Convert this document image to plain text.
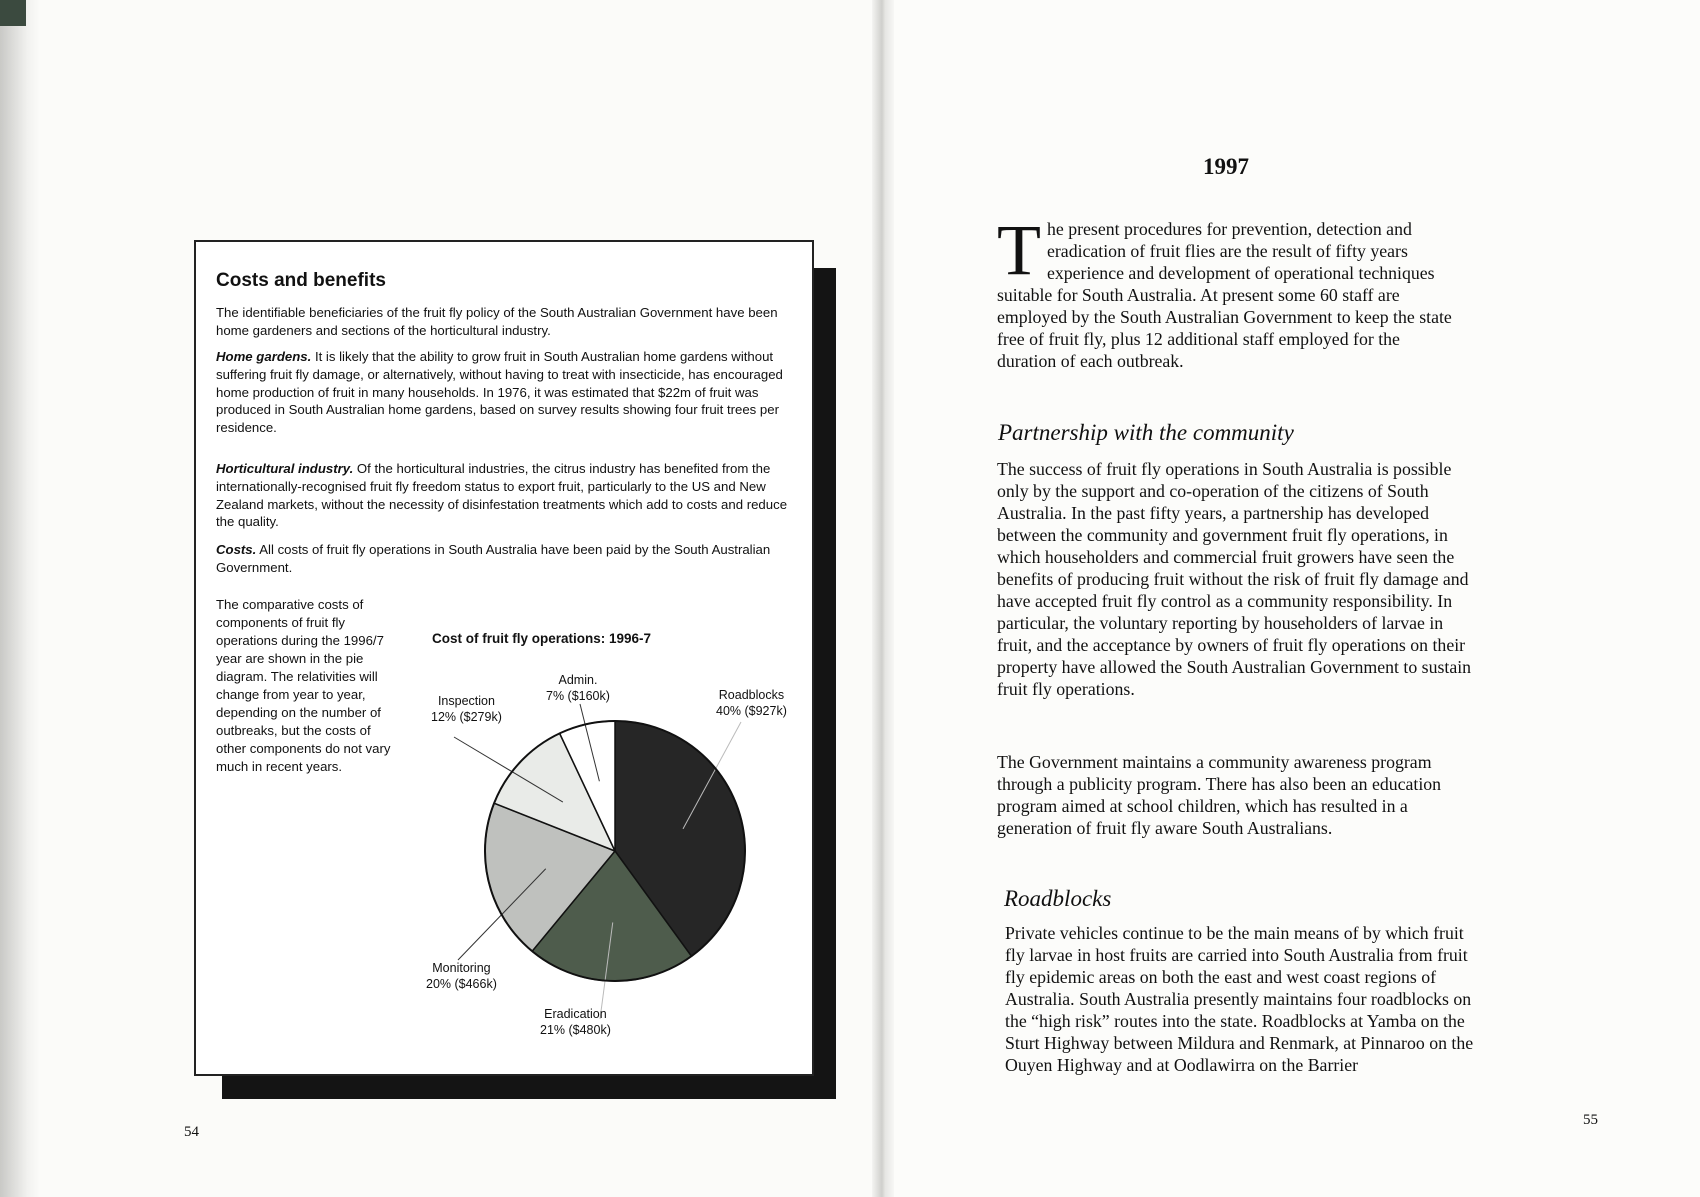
Costs and benefits

The identifiable beneficiaries of the fruit fly policy of the South Australian Government have been home gardeners and sections of the horticultural industry.

Home gardens. It is likely that the ability to grow fruit in South Australian home gardens without suffering fruit fly damage, or alternatively, without having to treat with insecticide, has encouraged home production of fruit in many households. In 1976, it was estimated that $22m of fruit was produced in South Australian home gardens, based on survey results showing four fruit trees per residence.

Horticultural industry. Of the horticultural industries, the citrus industry has benefited from the internationally-recognised fruit fly freedom status to export fruit, particularly to the US and New Zealand markets, without the necessity of disinfestation treatments which add to costs and reduce the quality.

Costs. All costs of fruit fly operations in South Australia have been paid by the South Australian Government.

The comparative costs of components of fruit fly operations during the 1996/7 year are shown in the pie diagram. The relativities will change from year to year, depending on the number of outbreaks, but the costs of other components do not vary much in recent years.

Cost of fruit fly operations: 1996-7
Roadblocks
40% ($927k)
Eradication
21% ($480k)
Monitoring
20% ($466k)
Inspection
12% ($279k)
Admin.
7% ($160k)
54
1997

The present procedures for prevention, detection and eradication of fruit flies are the result of fifty years experience and development of operational techniques suitable for South Australia. At present some 60 staff are employed by the South Australian Government to keep the state free of fruit fly, plus 12 additional staff employed for the duration of each outbreak.

Partnership with the community

The success of fruit fly operations in South Australia is possible only by the support and co-operation of the citizens of South Australia. In the past fifty years, a partnership has developed between the community and government fruit fly operations, in which householders and commercial fruit growers have seen the benefits of producing fruit without the risk of fruit fly damage and have accepted fruit fly control as a community responsibility. In particular, the voluntary reporting by householders of larvae in fruit, and the acceptance by owners of fruit fly operations on their property have allowed the South Australian Government to sustain fruit fly operations.

The Government maintains a community awareness program through a publicity program. There has also been an education program aimed at school children, which has resulted in a generation of fruit fly aware South Australians.

Roadblocks

Private vehicles continue to be the main means of by which fruit fly larvae in host fruits are carried into South Australia from fruit fly epidemic areas on both the east and west coast regions of Australia. South Australia presently maintains four roadblocks on the “high risk” routes into the state. Roadblocks at Yamba on the Sturt Highway between Mildura and Renmark, at Pinnaroo on the Ouyen Highway and at Oodlawirra on the Barrier

55
